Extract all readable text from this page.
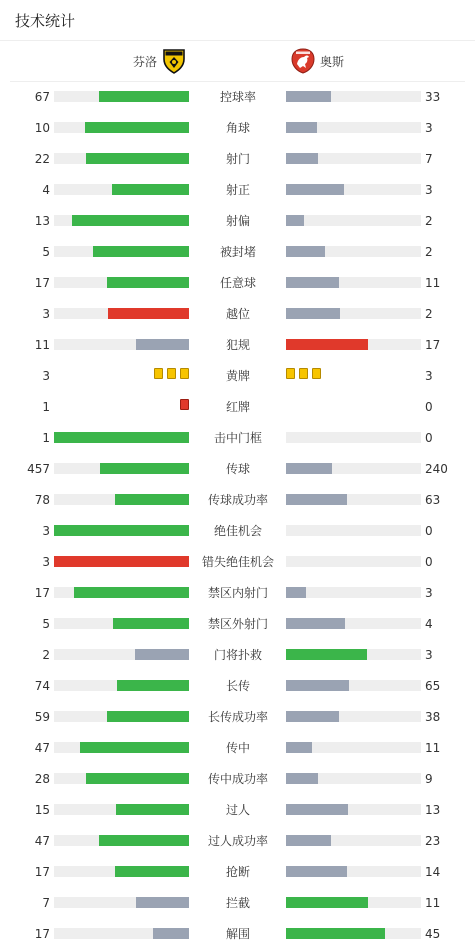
技术统计
芬洛	奥斯
67	控球率	33
10	角球	3
22	射门	7
4	射正	3
13	射偏	2
5	被封堵	2
17	任意球	11
3	越位	2
11	犯规	17
3	黄牌	3
1	红牌	0
1	击中门框	0
457	传球	240
78	传球成功率	63
3	绝佳机会	0
3	错失绝佳机会	0
17	禁区内射门	3
5	禁区外射门	4
2	门将扑救	3
74	长传	65
59	长传成功率	38
47	传中	11
28	传中成功率	9
15	过人	13
47	过人成功率	23
17	抢断	14
7	拦截	11
17	解围	45
